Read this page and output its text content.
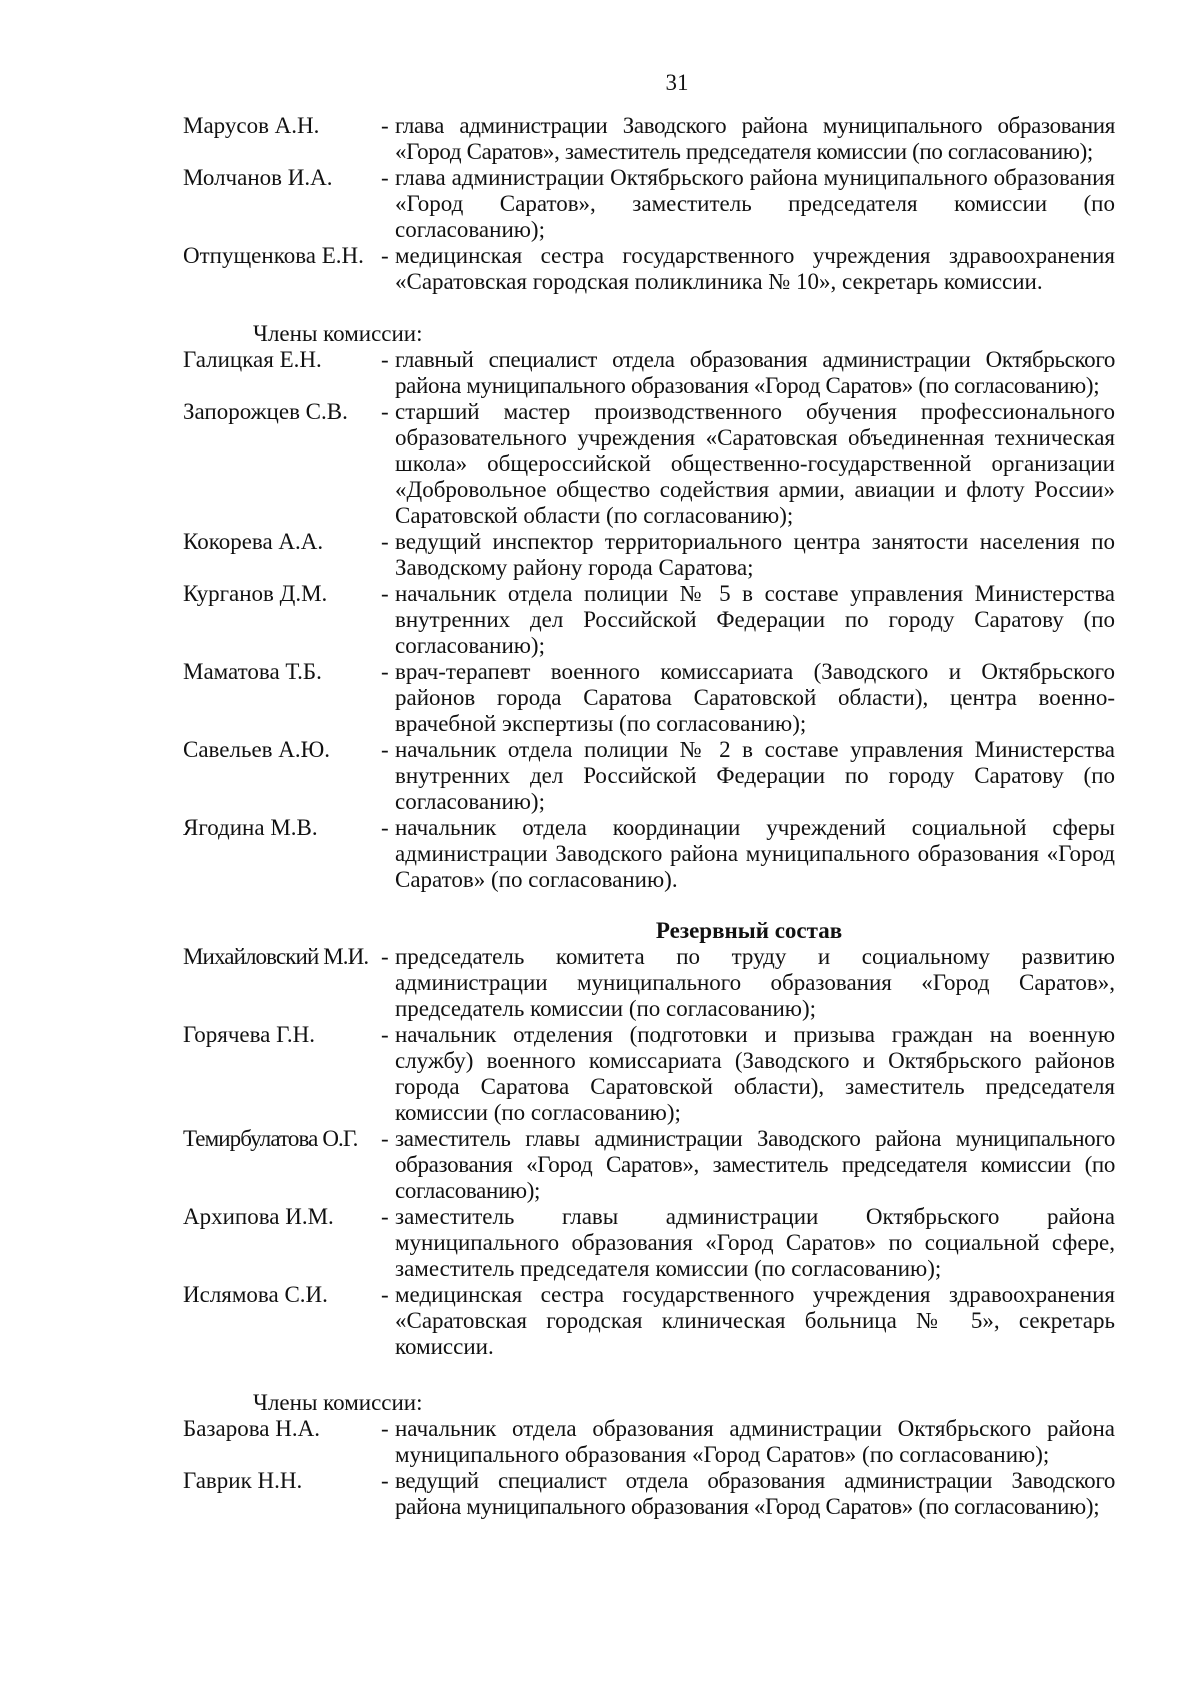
31
Марусов А.Н.	- глава администрации Заводского района муниципального образования «Город Саратов», заместитель председателя комиссии (по согласованию);
Молчанов И.А.	- глава администрации Октябрьского района муниципального образования «Город Саратов», заместитель председателя комиссии (по согласованию);
Отпущенкова Е.Н. - медицинская сестра государственного учреждения здравоохранения «Саратовская городская поликлиника № 10», секретарь комиссии.
Члены комиссии:
Галицкая Е.Н.	- главный специалист отдела образования администрации Октябрьского района муниципального образования «Город Саратов» (по согласованию);
Запорожцев С.В.	- старший мастер производственного обучения профессионального образовательного учреждения «Саратовская объединенная техническая школа» общероссийской общественно-государственной организации «Добровольное общество содействия армии, авиации и флоту России» Саратовской области (по согласованию);
Кокорева А.А.	- ведущий инспектор территориального центра занятости населения по Заводскому району города Саратова;
Курганов Д.М.	- начальник отдела полиции № 5 в составе управления Министерства внутренних дел Российской Федерации по городу Саратову (по согласованию);
Маматова Т.Б.	- врач-терапевт военного комиссариата (Заводского и Октябрьского районов города Саратова Саратовской области), центра военно-врачебной экспертизы (по согласованию);
Савельев А.Ю.	- начальник отдела полиции № 2 в составе управления Министерства внутренних дел Российской Федерации по городу Саратову (по согласованию);
Ягодина М.В.	- начальник отдела координации учреждений социальной сферы администрации Заводского района муниципального образования «Город Саратов» (по согласованию).
Резервный состав
Михайловский М.И. - председатель комитета по труду и социальному развитию администрации муниципального образования «Город Саратов», председатель комиссии (по согласованию);
Горячева Г.Н.	- начальник отделения (подготовки и призыва граждан на военную службу) военного комиссариата (Заводского и Октябрьского районов города Саратова Саратовской области), заместитель председателя комиссии (по согласованию);
Темирбулатова О.Г.	- заместитель главы администрации Заводского района муниципального образования «Город Саратов», заместитель председателя комиссии (по согласованию);
Архипова И.М.	- заместитель главы администрации Октябрьского района муниципального образования «Город Саратов» по социальной сфере, заместитель председателя комиссии (по согласованию);
Ислямова С.И.	- медицинская сестра государственного учреждения здравоохранения «Саратовская городская клиническая больница № 5», секретарь комиссии.
Члены комиссии:
Базарова Н.А.	- начальник отдела образования администрации Октябрьского района муниципального образования «Город Саратов» (по согласованию);
Гаврик Н.Н.	- ведущий специалист отдела образования администрации Заводского района муниципального образования «Город Саратов» (по согласованию);
